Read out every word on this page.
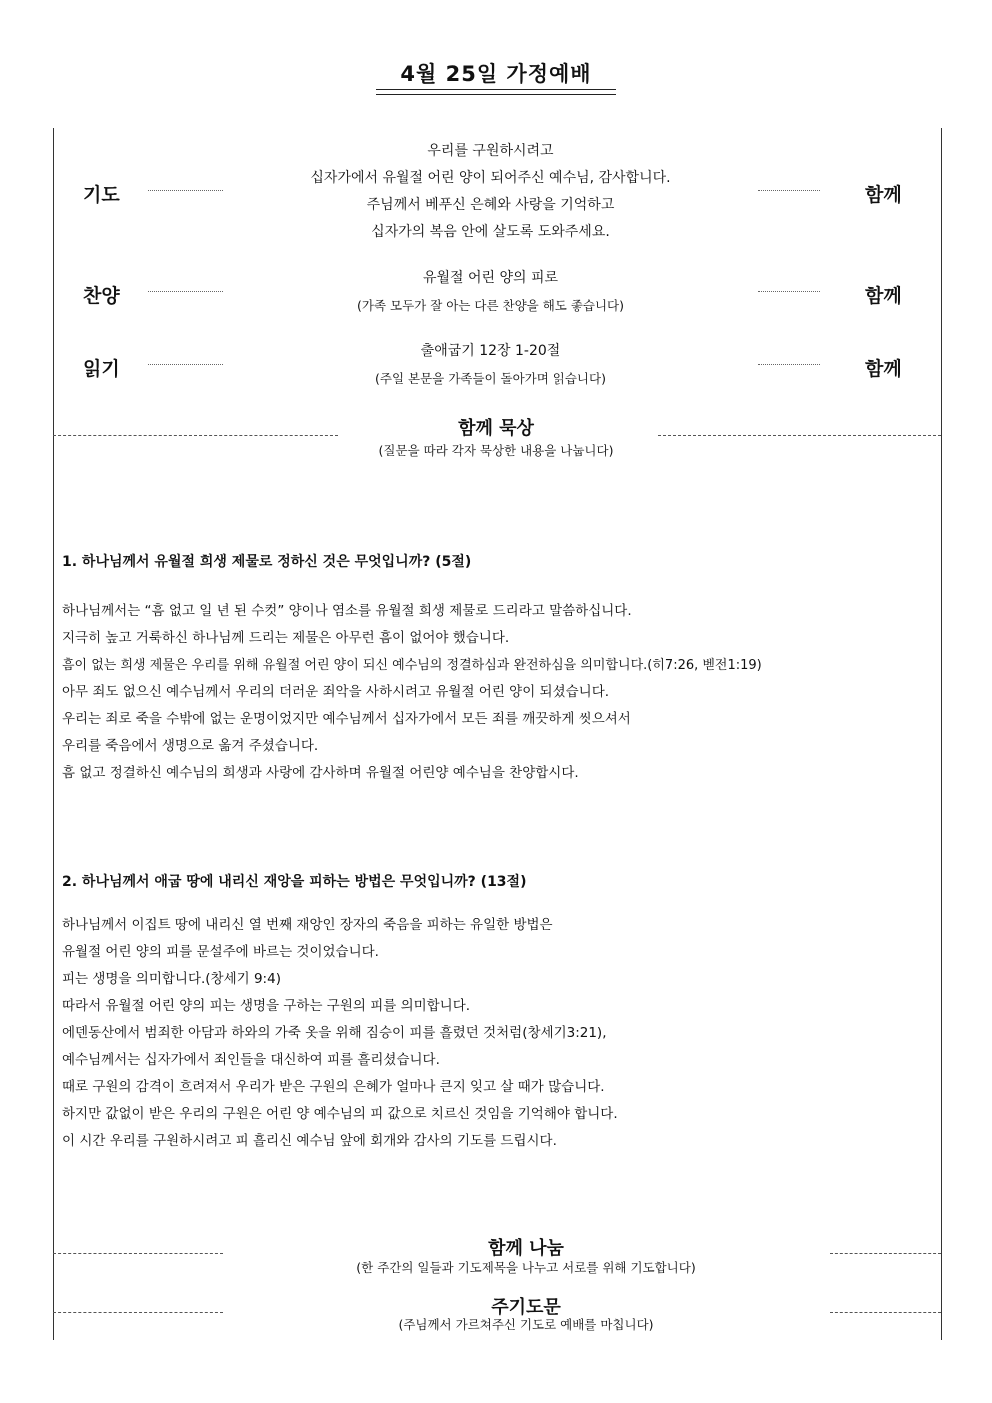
4월 25일 가정예배
기도
우리를 구원하시려고
십자가에서 유월절 어린 양이 되어주신 예수님, 감사합니다.
주님께서 베푸신 은혜와 사랑을 기억하고
십자가의 복음 안에 살도록 도와주세요.
함께
찬양
유월절 어린 양의 피로
(가족 모두가 잘 아는 다른 찬양을 해도 좋습니다)	함께
읽기
출애굽기 12장 1-20절
(주일 본문을 가족들이 돌아가며 읽습니다)	함께
함께 묵상
(질문을 따라 각자 묵상한 내용을 나눕니다)
1. 하나님께서 유월절 희생 제물로 정하신 것은 무엇입니까? (5절)
하나님께서는 “흠 없고 일 년 된 수컷” 양이나 염소를 유월절 희생 제물로 드리라고 말씀하십니다.
지극히 높고 거룩하신 하나님께 드리는 제물은 아무런 흠이 없어야 했습니다.
흠이 없는 희생 제물은 우리를 위해 유월절 어린 양이 되신 예수님의 정결하심과 완전하심을 의미합니다.(히7:26, 벧전1:19)
아무 죄도 없으신 예수님께서 우리의 더러운 죄악을 사하시려고 유월절 어린 양이 되셨습니다.
우리는 죄로 죽을 수밖에 없는 운명이었지만 예수님께서 십자가에서 모든 죄를 깨끗하게 씻으셔서
우리를 죽음에서 생명으로 옮겨 주셨습니다.
흠 없고 정결하신 예수님의 희생과 사랑에 감사하며 유월절 어린양 예수님을 찬양합시다.
2. 하나님께서 애굽 땅에 내리신 재앙을 피하는 방법은 무엇입니까? (13절)
하나님께서 이집트 땅에 내리신 열 번째 재앙인 장자의 죽음을 피하는 유일한 방법은
유월절 어린 양의 피를 문설주에 바르는 것이었습니다.
피는 생명을 의미합니다.(창세기 9:4)
따라서 유월절 어린 양의 피는 생명을 구하는 구원의 피를 의미합니다.
에덴동산에서 범죄한 아담과 하와의 가죽 옷을 위해 짐승이 피를 흘렸던 것처럼(창세기3:21),
예수님께서는 십자가에서 죄인들을 대신하여 피를 흘리셨습니다.
때로 구원의 감격이 흐려져서 우리가 받은 구원의 은혜가 얼마나 큰지 잊고 살 때가 많습니다.
하지만 값없이 받은 우리의 구원은 어린 양 예수님의 피 값으로 치르신 것임을 기억해야 합니다.
이 시간 우리를 구원하시려고 피 흘리신 예수님 앞에 회개와 감사의 기도를 드립시다.
함께 나눔
(한 주간의 일들과 기도제목을 나누고 서로를 위해 기도합니다)
주기도문
(주님께서 가르쳐주신 기도로 예배를 마칩니다)
